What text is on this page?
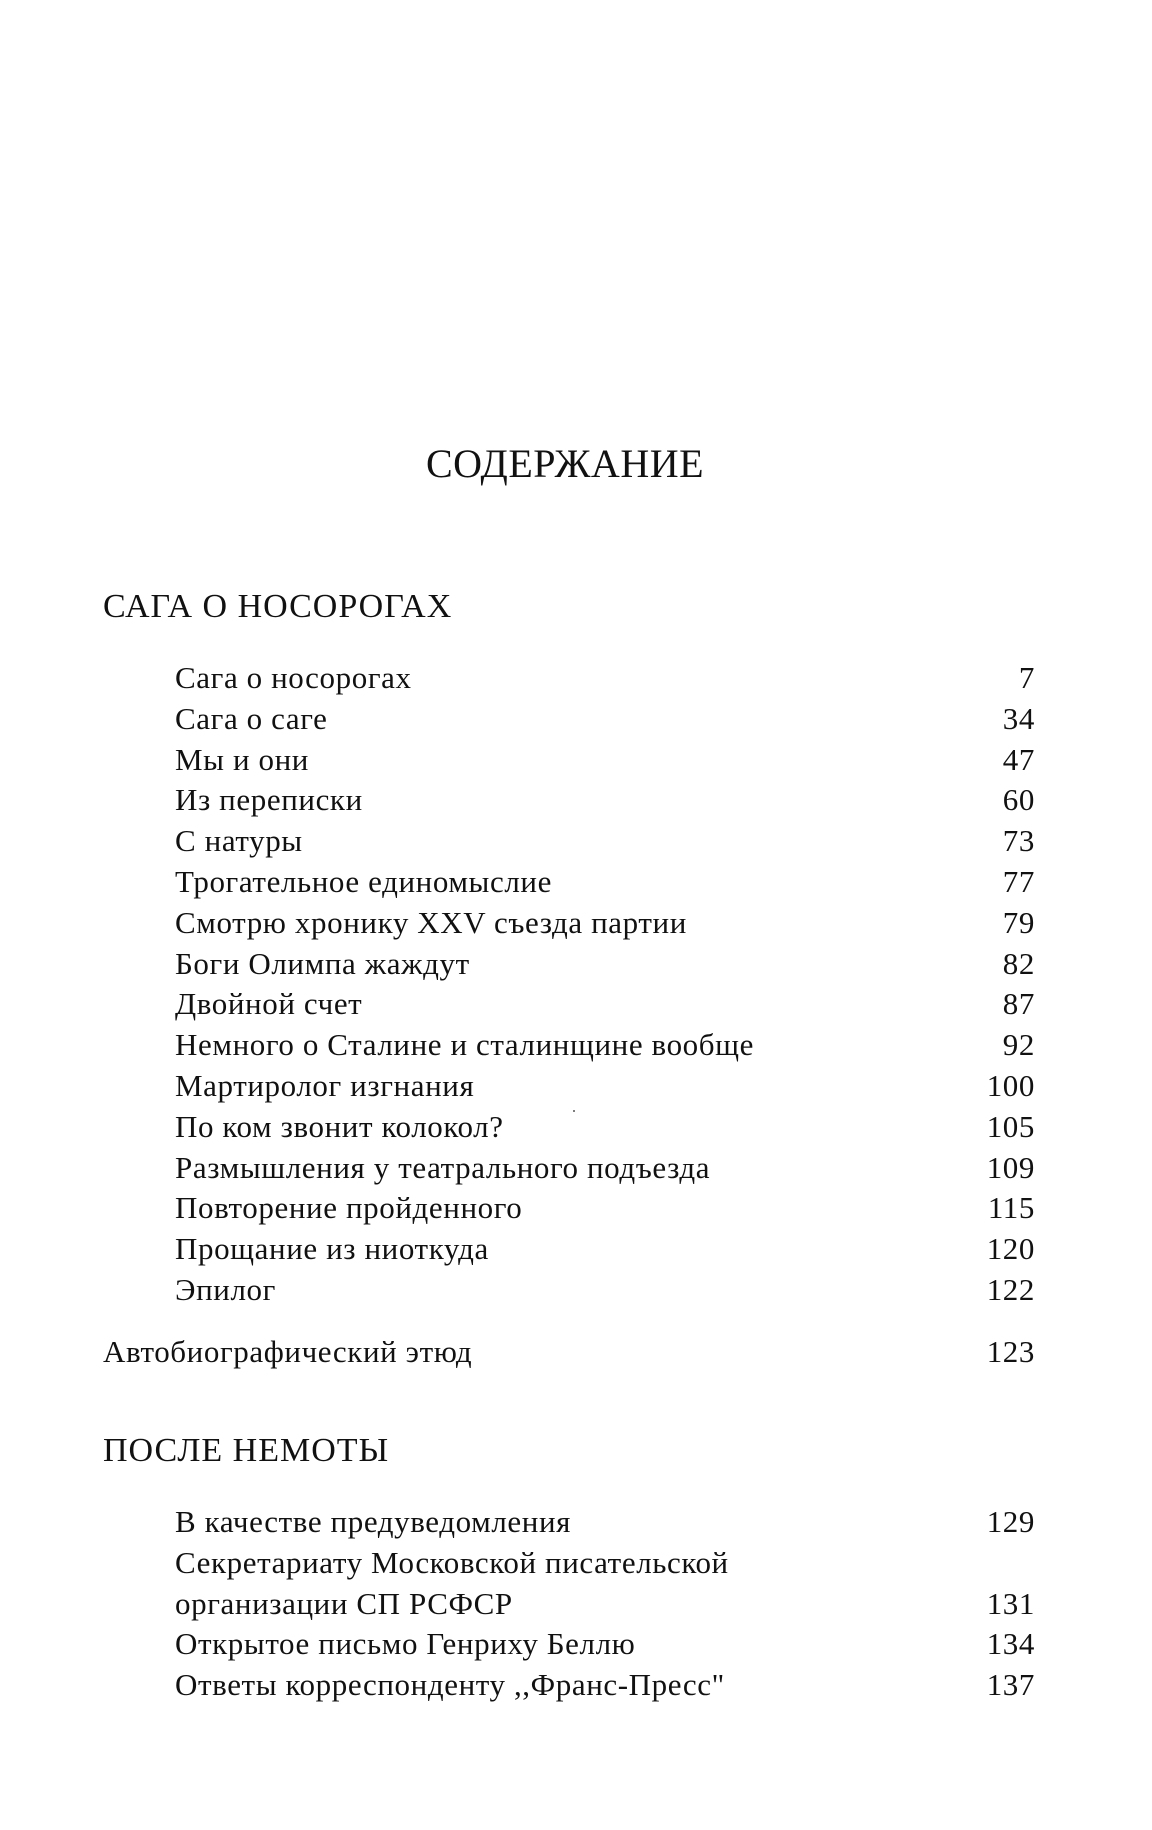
СОДЕРЖАНИЕ
САГА О НОСОРОГАХ
Сага о носорогах	7
Сага о саге	34
Мы и они	47
Из переписки	60
С натуры	73
Трогательное единомыслие	77
Смотрю хронику XXV съезда партии	79
Боги Олимпа жаждут	82
Двойной счет	87
Немного о Сталине и сталинщине вообще	92
Мартиролог изгнания	100
По ком звонит колокол?	105
Размышления у театрального подъезда	109
Повторение пройденного	115
Прощание из ниоткуда	120
Эпилог	122
Автобиографический этюд	123
ПОСЛЕ НЕМОТЫ
В качестве предуведомления	129
Секретариату Московской писательской
организации СП РСФСР	131
Открытое письмо Генриху Беллю	134
Ответы корреспонденту ,,Франс-Пресс"	137
